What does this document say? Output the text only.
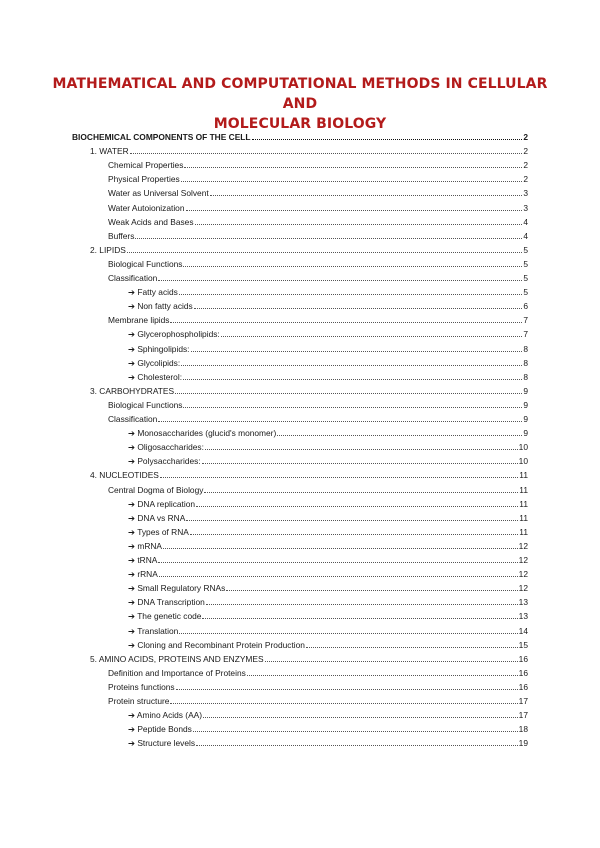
MATHEMATICAL AND COMPUTATIONAL METHODS IN CELLULAR AND
MOLECULAR BIOLOGY
BIOCHEMICAL COMPONENTS OF THE CELL	2
1. WATER	2
Chemical Properties	2
Physical Properties	2
Water as Universal Solvent	3
Water Autoionization	3
Weak Acids and Bases	4
Buffers	4
2. LIPIDS	5
Biological Functions	5
Classification	5
➔ Fatty acids	5
➔ Non fatty acids	6
Membrane lipids	7
➔ Glycerophospholipids:	7
➔ Sphingolipids:	8
➔ Glycolipids:	8
➔ Cholesterol:	8
3. CARBOHYDRATES	9
Biological Functions	9
Classification	9
➔ Monosaccharides (glucid's monomer)	9
➔ Oligosaccharides:	10
➔ Polysaccharides:	10
4. NUCLEOTIDES	11
Central Dogma of Biology	11
➔ DNA replication	11
➔ DNA vs RNA	11
➔ Types of RNA	11
➔ mRNA	12
➔ tRNA	12
➔ rRNA	12
➔ Small Regulatory RNAs	12
➔ DNA Transcription	13
➔ The genetic code	13
➔ Translation	14
➔ Cloning and Recombinant Protein Production	15
5. AMINO ACIDS, PROTEINS AND ENZYMES	16
Definition and Importance of Proteins	16
Proteins functions	16
Protein structure	17
➔ Amino Acids (AA)	17
➔ Peptide Bonds	18
➔ Structure levels	19
